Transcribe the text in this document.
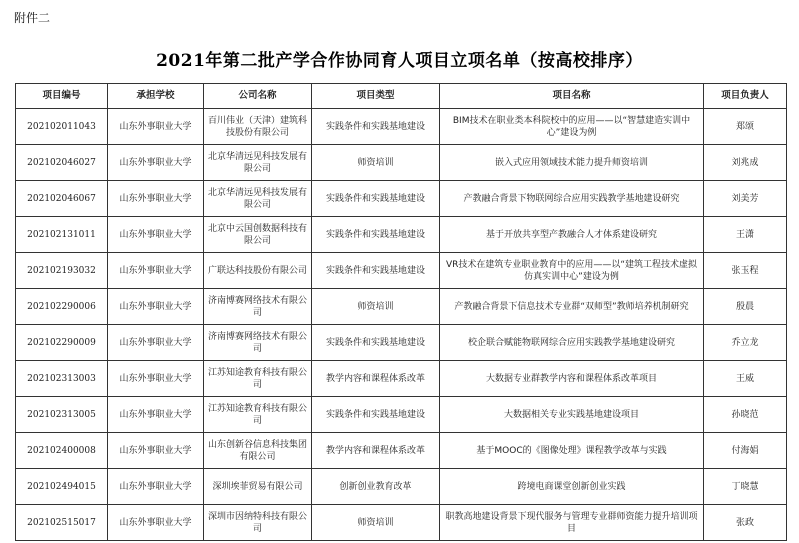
附件二
2021年第二批产学合作协同育人项目立项名单（按高校排序）
项目编号	承担学校	公司名称	项目类型	项目名称	项目负责人
202102011043	山东外事职业大学	百川伟业（天津）建筑科技股份有限公司	实践条件和实践基地建设	BIM技术在职业类本科院校中的应用——以“智慧建造实训中心”建设为例	郑颂
202102046027	山东外事职业大学	北京华清远见科技发展有限公司	师资培训	嵌入式应用领域技术能力提升师资培训	刘兆成
202102046067	山东外事职业大学	北京华清远见科技发展有限公司	实践条件和实践基地建设	产教融合背景下物联网综合应用实践教学基地建设研究	刘美芳
202102131011	山东外事职业大学	北京中云国创数据科技有限公司	实践条件和实践基地建设	基于开放共享型产教融合人才体系建设研究	王潇
202102193032	山东外事职业大学	广联达科技股份有限公司	实践条件和实践基地建设	VR技术在建筑专业职业教育中的应用——以“建筑工程技术虚拟仿真实训中心”建设为例	张玉程
202102290006	山东外事职业大学	济南博赛网络技术有限公司	师资培训	产教融合背景下信息技术专业群“双师型”教师培养机制研究	殷晨
202102290009	山东外事职业大学	济南博赛网络技术有限公司	实践条件和实践基地建设	校企联合赋能物联网综合应用实践教学基地建设研究	乔立龙
202102313003	山东外事职业大学	江苏知途教育科技有限公司	教学内容和课程体系改革	大数据专业群教学内容和课程体系改革项目	王威
202102313005	山东外事职业大学	江苏知途教育科技有限公司	实践条件和实践基地建设	大数据相关专业实践基地建设项目	孙晓范
202102400008	山东外事职业大学	山东创新谷信息科技集团有限公司	教学内容和课程体系改革	基于MOOC的《图像处理》课程教学改革与实践	付海娟
202102494015	山东外事职业大学	深圳埃菲贸易有限公司	创新创业教育改革	跨境电商课堂创新创业实践	丁晓慧
202102515017	山东外事职业大学	深圳市因纳特科技有限公司	师资培训	职教高地建设背景下现代服务与管理专业群师资能力提升培训项目	张政
